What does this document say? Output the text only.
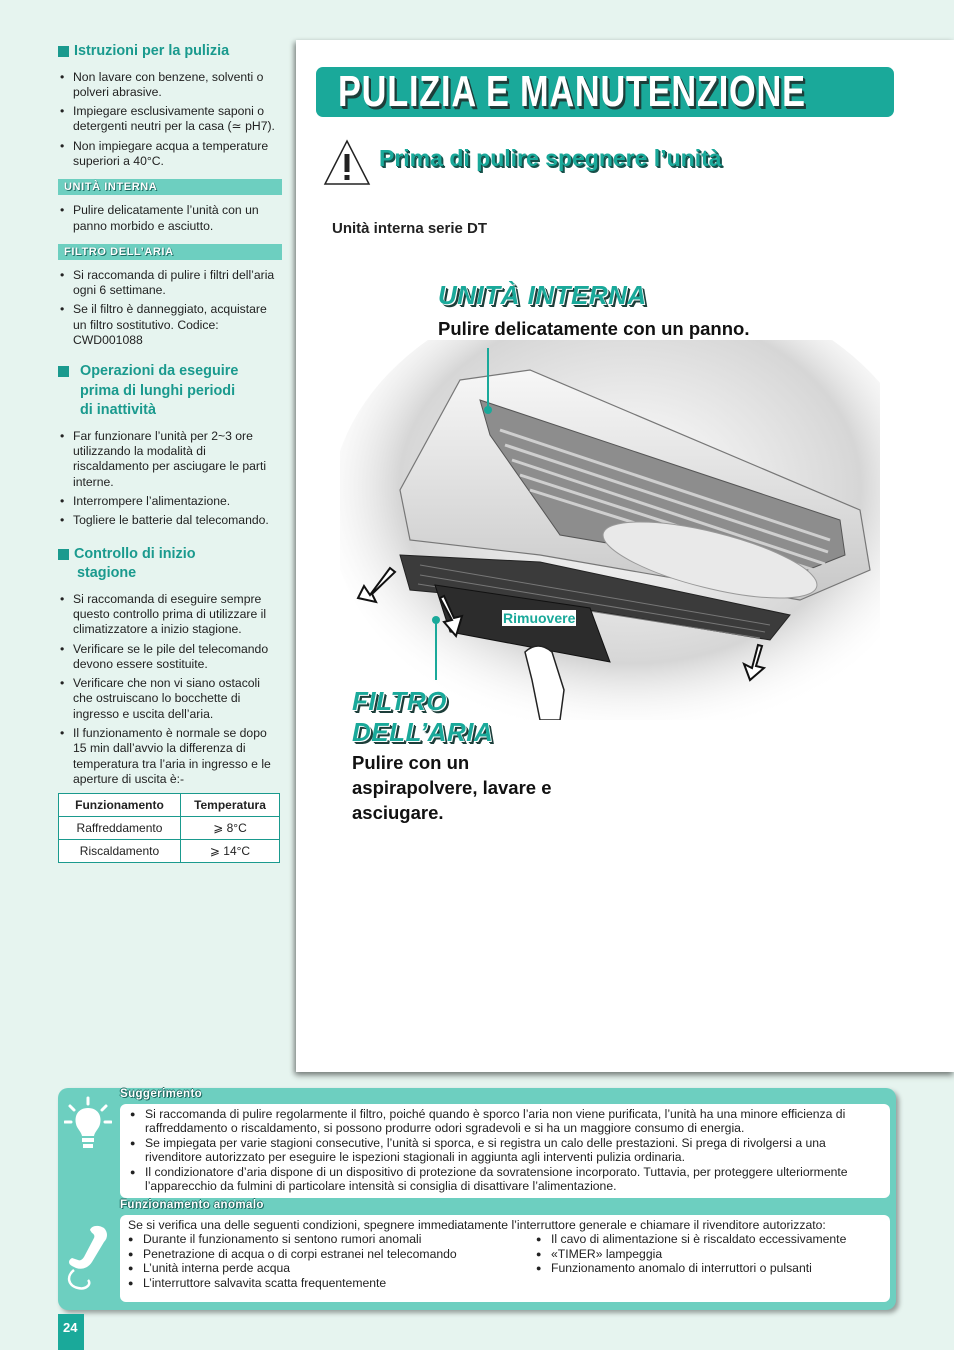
Istruzioni per la pulizia
• Non lavare con benzene, solventi o polveri abrasive.
• Impiegare esclusivamente saponi o detergenti neutri per la casa (≃ pH7).
• Non impiegare acqua a temperature superiori a 40°C.
UNITÀ INTERNA
• Pulire delicatamente l’unità con un panno morbido e asciutto.
FILTRO DELL’ARIA
• Si raccomanda di pulire i filtri dell’aria ogni 6 settimane.
• Se il filtro è danneggiato, acquistare un filtro sostitutivo. Codice: CWD001088
Operazioni da eseguire
prima di lunghi periodi
di inattività
• Far funzionare l’unità per 2~3 ore utilizzando la modalità di riscaldamento per asciugare le parti interne.
• Interrompere l’alimentazione.
• Togliere le batterie dal telecomando.
Controllo di inizio
stagione
• Si raccomanda di eseguire sempre questo controllo prima di utilizzare il climatizzatore a inizio stagione.
• Verificare se le pile del telecomando devono essere sostituite.
• Verificare che non vi siano ostacoli che ostruiscano lo bocchette di ingresso e uscita dell’aria.
• Il funzionamento è normale se dopo 15 min dall’avvio la differenza di temperatura tra l’aria in ingresso e le aperture di uscita è:-
Funzionamento	Temperatura
Raffreddamento	⩾ 8°C
Riscaldamento	⩾ 14°C
PULIZIA E MANUTENZIONE
Prima di pulire spegnere l’unità
Unità interna serie DT
UNITÀ INTERNA
Pulire delicatamente con un panno.
Rimuovere
FILTRO
DELL’ARIA
Pulire con un aspirapolvere, lavare e asciugare.
Suggerimento
● Si raccomanda di pulire regolarmente il filtro, poiché quando è sporco l’aria non viene purificata, l’unità ha una minore efficienza di raffreddamento o riscaldamento, si possono produrre odori sgradevoli e si ha un maggiore consumo di energia.
● Se impiegata per varie stagioni consecutive, l’unità si sporca, e si registra un calo delle prestazioni. Si prega di rivolgersi a una rivenditore autorizzato per eseguire le ispezioni stagionali in aggiunta agli interventi pulizia ordinaria.
● Il condizionatore d’aria dispone di un dispositivo di protezione da sovratensione incorporato. Tuttavia, per proteggere ulteriormente l’apparecchio da fulmini di particolare intensità si consiglia di disattivare l’alimentazione.
Funzionamento anomalo
Se si verifica una delle seguenti condizioni, spegnere immediatamente l’interruttore generale e chiamare il rivenditore autorizzato:
● Durante il funzionamento si sentono rumori anomali
● Penetrazione di acqua o di corpi estranei nel telecomando
● L’unità interna perde acqua
● L’interruttore salvavita scatta frequentemente
● Il cavo di alimentazione si è riscaldato eccessivamente
● «TIMER» lampeggia
● Funzionamento anomalo di interruttori o pulsanti
24
